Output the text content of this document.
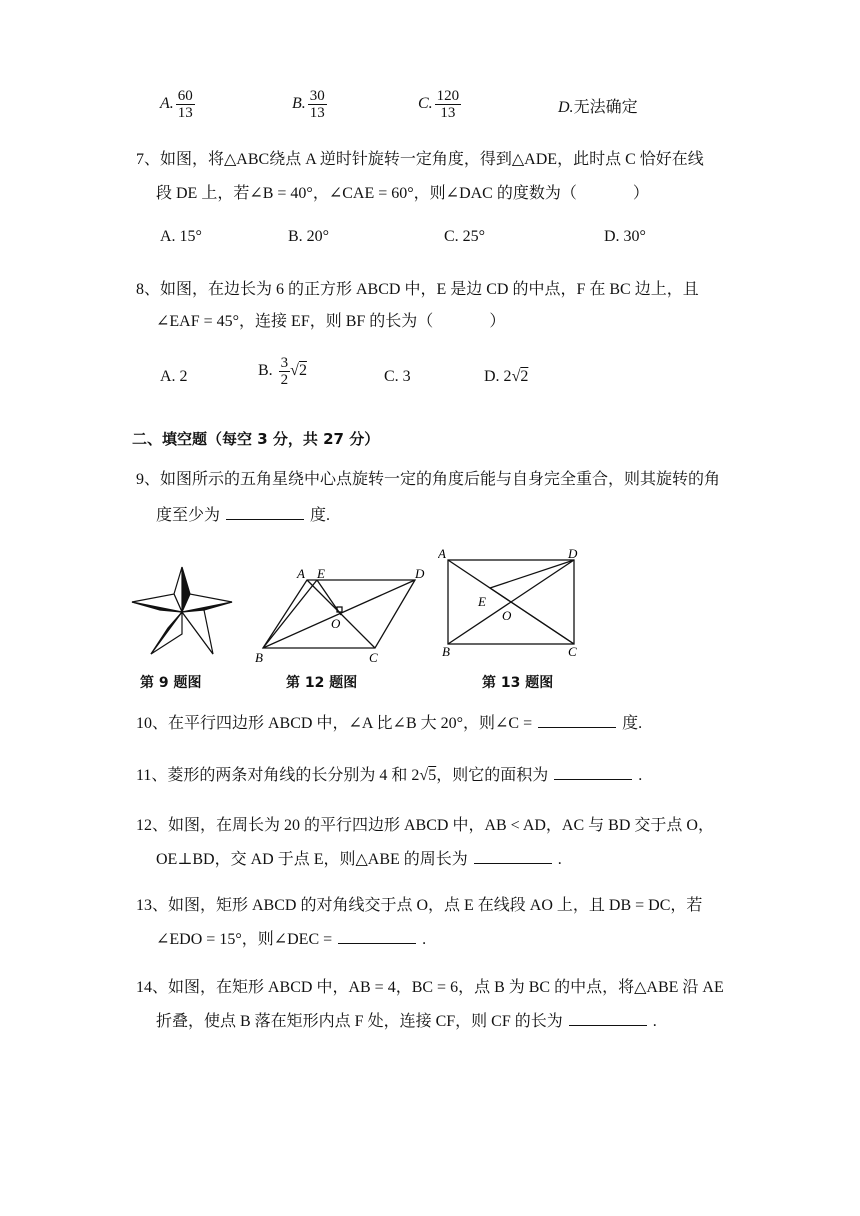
A. $\frac{60}{13}$	B. $\frac{30}{13}$	C. $\frac{120}{13}$	D.无法确定
7、如图，将△ABC绕点 A 逆时针旋转一定角度，得到△ADE，此时点 C 恰好在线
段 DE 上，若∠B = 40°，∠CAE = 60°，则∠DAC 的度数为（	）
A. 15°	B. 20°	C. 25°	D. 30°
8、如图，在边长为 6 的正方形 ABCD 中，E 是边 CD 的中点，F 在 BC 边上，且
∠EAF = 45°，连接 EF，则 BF 的长为（	）
A. 2	B. $\frac{3}{2} √2$	C. 3	D. 2√2
二、填空题（每空 3 分，共 27 分）
9、如图所示的五角星绕中心点旋转一定的角度后能与自身完全重合，则其旋转的角
度至少为	度.
A E	D
O
B	C
A	D
E
O
B	C
第 9 题图	第 12 题图	第 13 题图
10、在平行四边形 ABCD 中，∠A 比∠B 大 20°，则∠C =	度.
11、菱形的两条对角线的长分别为 4 和 2√5，则它的面积为	.
12、如图，在周长为 20 的平行四边形 ABCD 中，AB < AD，AC 与 BD 交于点 O，
OE⊥BD，交 AD 于点 E，则△ABE 的周长为	.
13、如图，矩形 ABCD 的对角线交于点 O，点 E 在线段 AO 上，且 DB = DC，若
∠EDO = 15°，则∠DEC =	.
14、如图，在矩形 ABCD 中，AB = 4，BC = 6，点 B 为 BC 的中点，将△ABE 沿 AE
折叠，使点 B 落在矩形内点 F 处，连接 CF，则 CF 的长为	.
